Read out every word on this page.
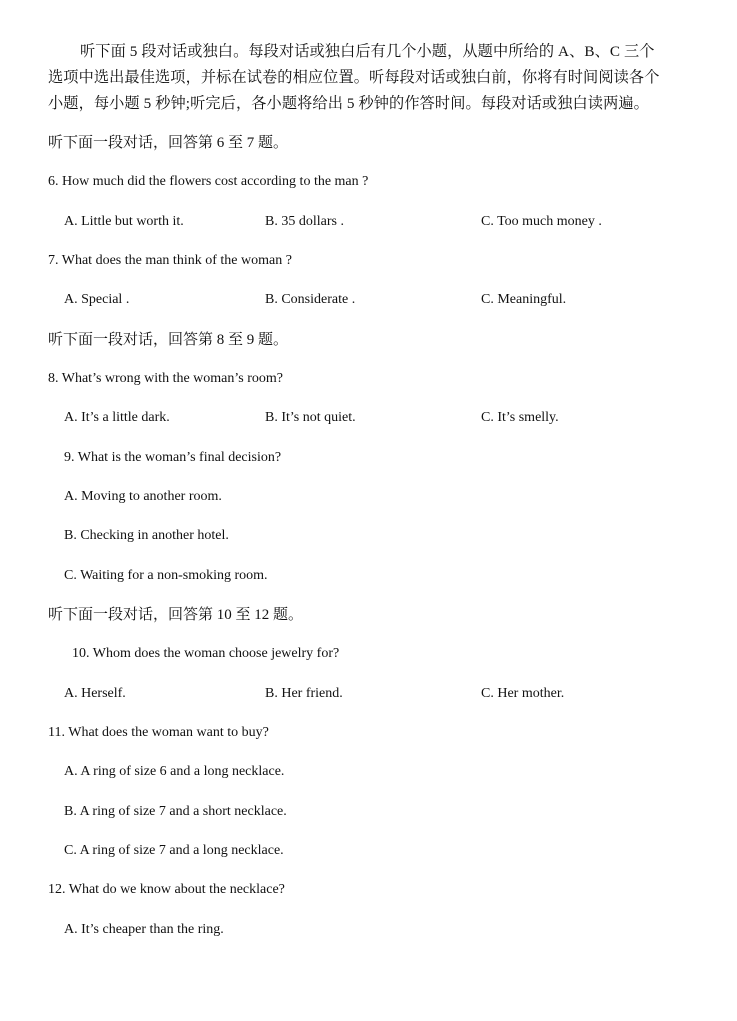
听下面 5 段对话或独白。每段对话或独白后有几个小题，从题中所给的 A、B、C 三个
选项中选出最佳选项，并标在试卷的相应位置。听每段对话或独白前，你将有时间阅读各个
小题，每小题 5 秒钟;听完后，各小题将给出 5 秒钟的作答时间。每段对话或独白读两遍。
听下面一段对话，回答第 6 至 7 题。
6. How much did the flowers cost according to the man ?
A. Little but worth it.	B. 35 dollars .	C. Too much money .
7. What does the man think of the woman ?
A. Special .	B. Considerate .	C. Meaningful.
听下面一段对话，回答第 8 至 9 题。
8. What’s wrong with the woman’s room?
A. It’s a little dark.	B. It’s not quiet.	C. It’s smelly.
9. What is the woman’s final decision?
A. Moving to another room.
B. Checking in another hotel.
C. Waiting for a non-smoking room.
听下面一段对话，回答第 10 至 12 题。
10. Whom does the woman choose jewelry for?
A. Herself.	B. Her friend.	C. Her mother.
11. What does the woman want to buy?
A. A ring of size 6 and a long necklace.
B. A ring of size 7 and a short necklace.
C. A ring of size 7 and a long necklace.
12. What do we know about the necklace?
A. It’s cheaper than the ring.
